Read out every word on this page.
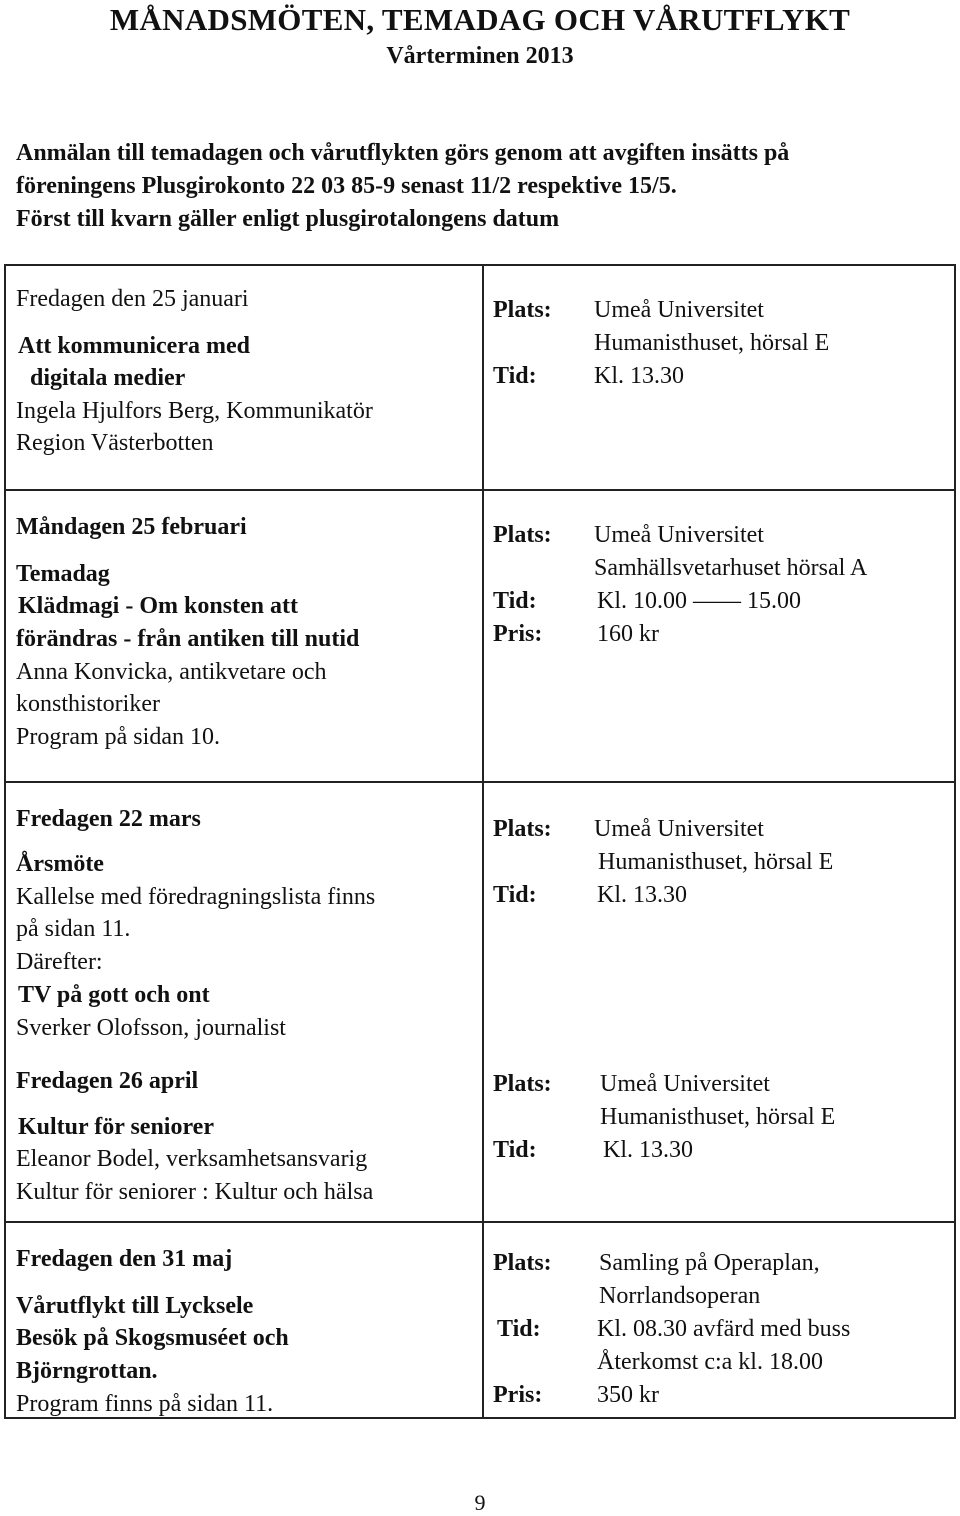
MÅNADSMÖTEN, TEMADAG OCH VÅRUTFLYKT
Vårterminen 2013
Anmälan till temadagen och vårutflykten görs genom att avgiften insätts på
föreningens Plusgirokonto 22 03 85-9 senast 11/2 respektive 15/5.
Först till kvarn gäller enligt plusgirotalongens datum
Fredagen den 25 januari
Att kommunicera med
digitala medier
Ingela Hjulfors Berg, Kommunikatör
Region Västerbotten
Plats: Umeå Universitet
Humanisthuset, hörsal E
Tid: Kl. 13.30
Måndagen 25 februari
Temadag
Klädmagi - Om konsten att
förändras - från antiken till nutid
Anna Konvicka, antikvetare och
konsthistoriker
Program på sidan 10.
Plats: Umeå Universitet
Samhällsvetarhuset hörsal A
Tid:	Kl. 10.00 —— 15.00
Pris: 160 kr
Fredagen 22 mars
Årsmöte
Kallelse med föredragningslista finns
på sidan 11.
Därefter:
TV på gott och ont
Sverker Olofsson, journalist
Plats: Umeå Universitet
Humanisthuset, hörsal E
Tid:	Kl. 13.30
Fredagen 26 april
Kultur för seniorer
Eleanor Bodel, verksamhetsansvarig
Kultur för seniorer : Kultur och hälsa
Plats: Umeå Universitet
Humanisthuset, hörsal E
Tid:	Kl. 13.30
Fredagen den 31 maj
Vårutflykt till Lycksele
Besök på Skogsmuséet och
Björngrottan.
Program finns på sidan 11.
Plats: Samling på Operaplan,
Norrlandsoperan
Tid: Kl. 08.30 avfärd med buss
Återkomst c:a kl. 18.00
Pris: 350 kr
9
